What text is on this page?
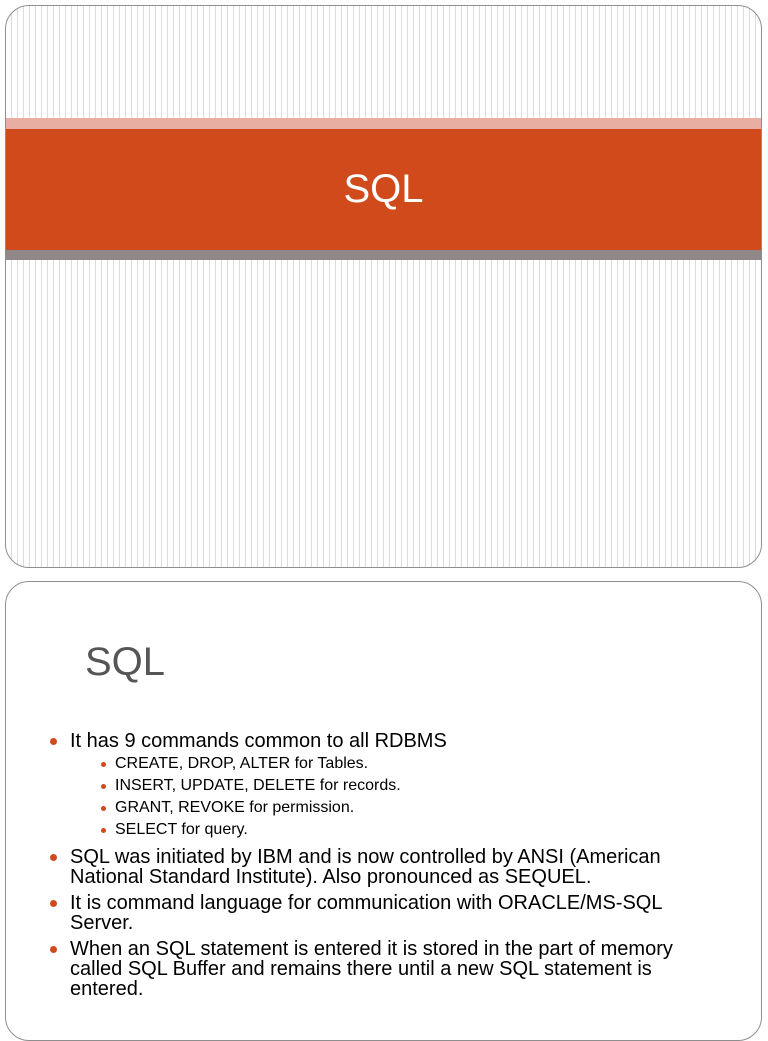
SQL
SQL
It has 9 commands common to all RDBMS
CREATE, DROP, ALTER for Tables.
INSERT, UPDATE, DELETE for records.
GRANT, REVOKE for permission.
SELECT for query.
SQL was initiated by IBM and is now controlled by ANSI (American National Standard Institute). Also pronounced as SEQUEL.
It is command language for communication with ORACLE/MS-SQL Server.
When an SQL statement is entered it is stored in the part of memory called SQL Buffer and remains there until a new SQL statement is entered.
